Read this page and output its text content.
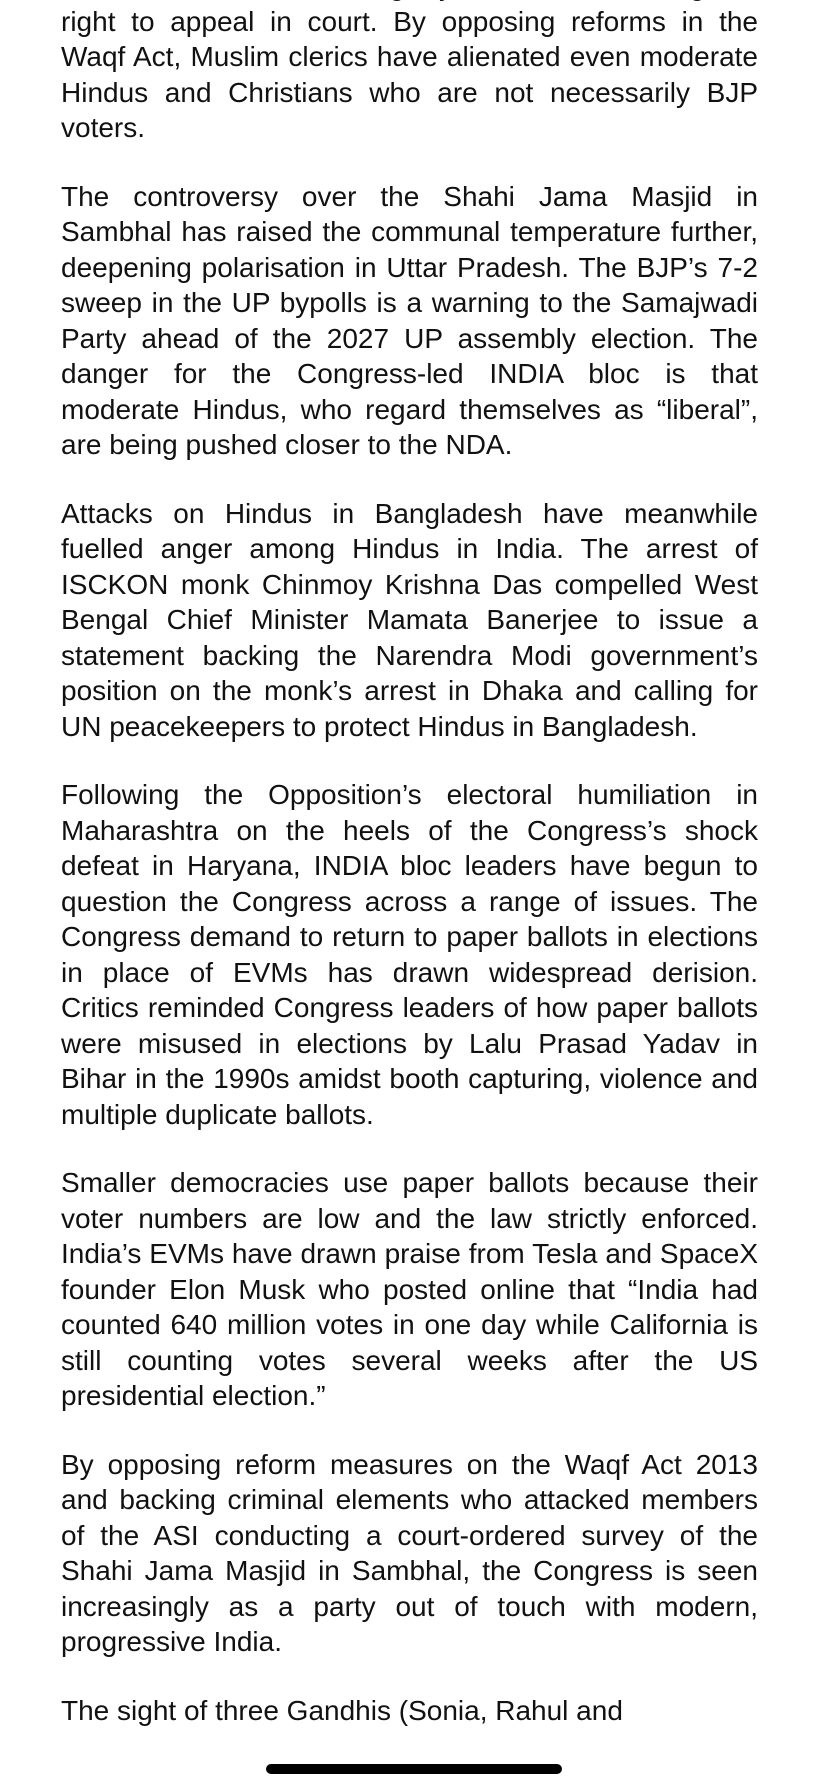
right to appeal in court. By opposing reforms in the Waqf Act, Muslim clerics have alienated even moderate Hindus and Christians who are not necessarily BJP voters.

The controversy over the Shahi Jama Masjid in Sambhal has raised the communal temperature further, deepening polarisation in Uttar Pradesh. The BJP’s 7-2 sweep in the UP bypolls is a warning to the Samajwadi Party ahead of the 2027 UP assembly election. The danger for the Congress-led INDIA bloc is that moderate Hindus, who regard themselves as “liberal”, are being pushed closer to the NDA.

Attacks on Hindus in Bangladesh have meanwhile fuelled anger among Hindus in India. The arrest of ISCKON monk Chinmoy Krishna Das compelled West Bengal Chief Minister Mamata Banerjee to issue a statement backing the Narendra Modi government’s position on the monk’s arrest in Dhaka and calling for UN peacekeepers to protect Hindus in Bangladesh.

Following the Opposition’s electoral humiliation in Maharashtra on the heels of the Congress’s shock defeat in Haryana, INDIA bloc leaders have begun to question the Congress across a range of issues. The Congress demand to return to paper ballots in elections in place of EVMs has drawn widespread derision. Critics reminded Congress leaders of how paper ballots were misused in elections by Lalu Prasad Yadav in Bihar in the 1990s amidst booth capturing, violence and multiple duplicate ballots.

Smaller democracies use paper ballots because their voter numbers are low and the law strictly enforced. India’s EVMs have drawn praise from Tesla and SpaceX founder Elon Musk who posted online that “India had counted 640 million votes in one day while California is still counting votes several weeks after the US presidential election.”

By opposing reform measures on the Waqf Act 2013 and backing criminal elements who attacked members of the ASI conducting a court-ordered survey of the Shahi Jama Masjid in Sambhal, the Congress is seen increasingly as a party out of touch with modern, progressive India.

The sight of three Gandhis (Sonia, Rahul and
